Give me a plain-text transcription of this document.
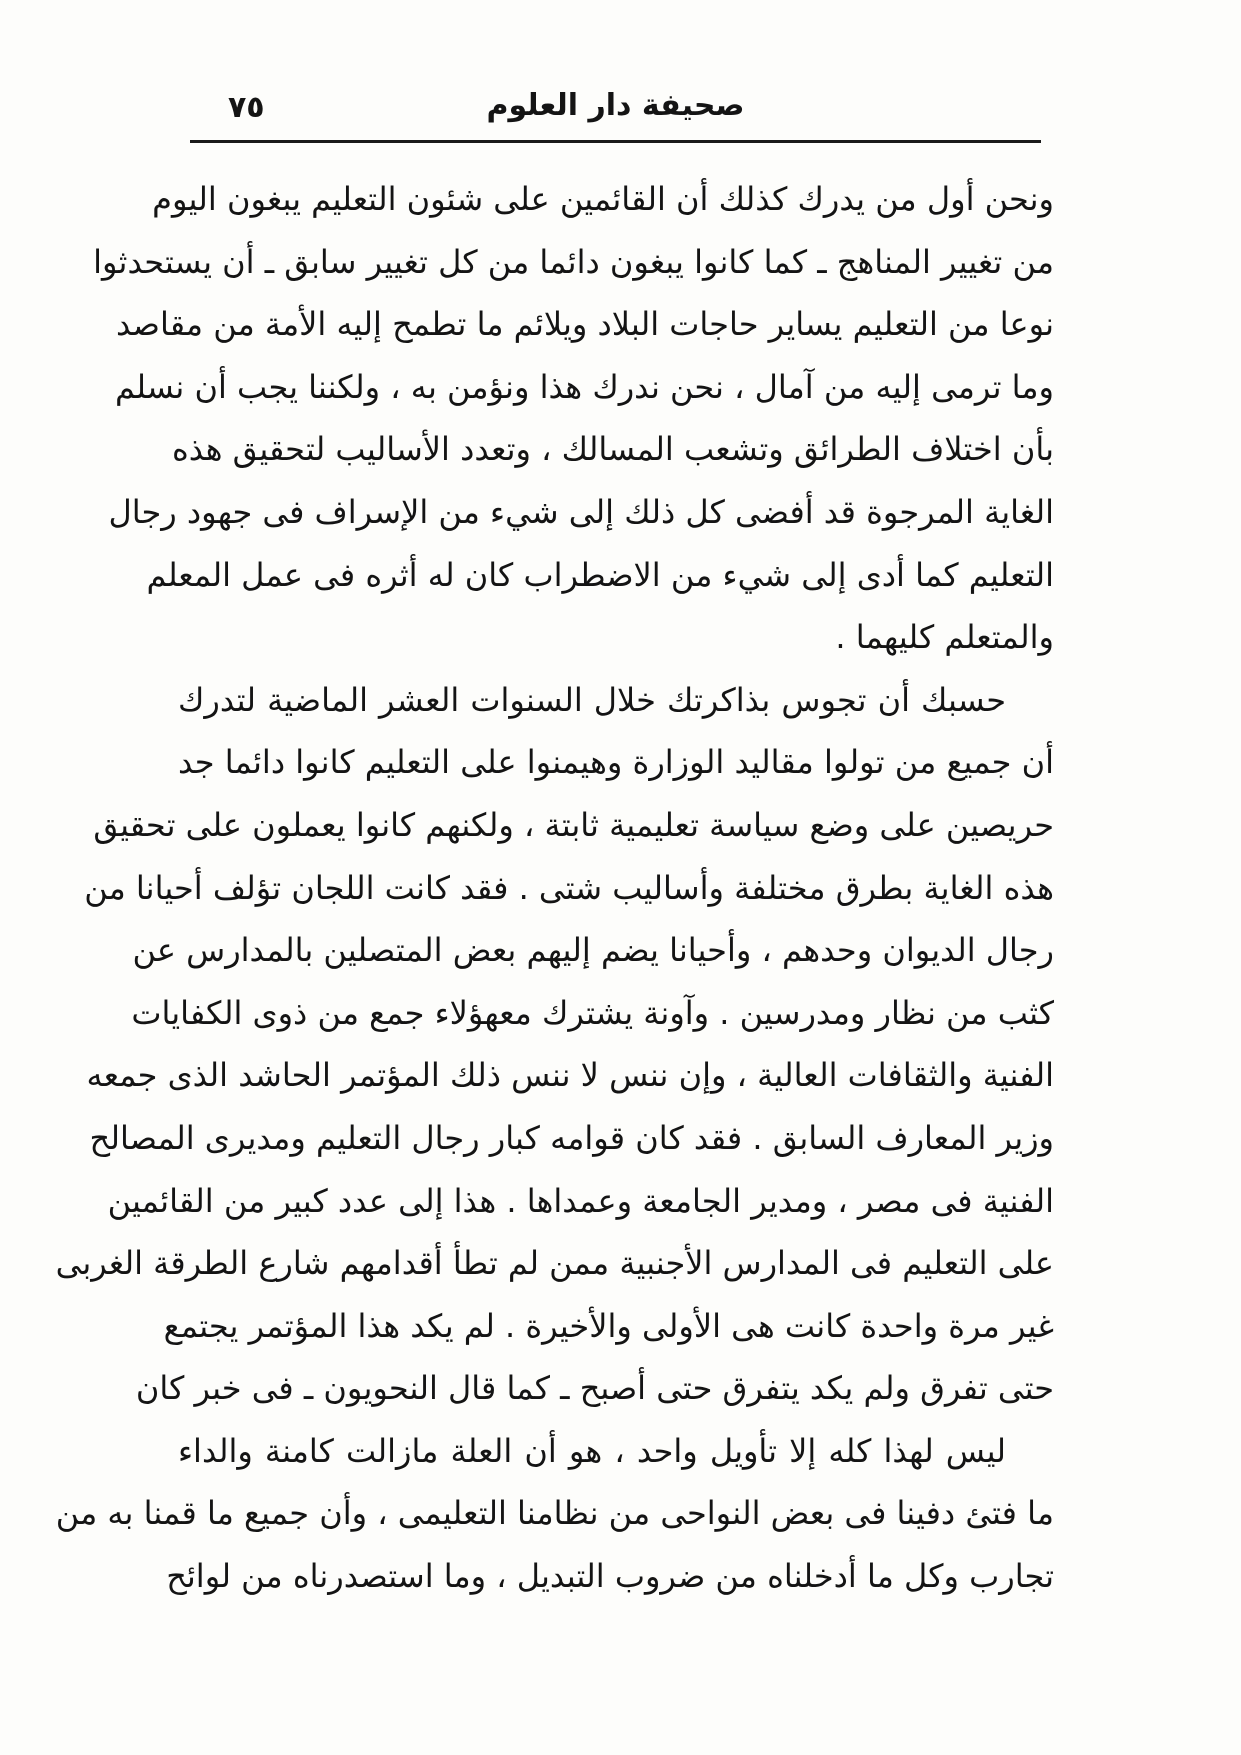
٧٥	صحيفة دار العلوم
ونحن أول من يدرك كذلك أن القائمين على شئون التعليم يبغون اليوم
من تغيير المناهج ـ كما كانوا يبغون دائما من كل تغيير سابق ـ أن يستحدثوا
نوعا من التعليم يساير حاجات البلاد ويلائم ما تطمح إليه الأمة من مقاصد
وما ترمى إليه من آمال ، نحن ندرك هذا ونؤمن به ، ولكننا يجب أن نسلم
بأن اختلاف الطرائق وتشعب المسالك ، وتعدد الأساليب لتحقيق هذه
الغاية المرجوة قد أفضى كل ذلك إلى شيء من الإسراف فى جهود رجال
التعليم كما أدى إلى شيء من الاضطراب كان له أثره فى عمل المعلم
والمتعلم كليهما .
حسبك أن تجوس بذاكرتك خلال السنوات العشر الماضية لتدرك
أن جميع من تولوا مقاليد الوزارة وهيمنوا على التعليم كانوا دائما جد
حريصين على وضع سياسة تعليمية ثابتة ، ولكنهم كانوا يعملون على تحقيق
هذه الغاية بطرق مختلفة وأساليب شتى . فقد كانت اللجان تؤلف أحيانا من
رجال الديوان وحدهم ، وأحيانا يضم إليهم بعض المتصلين بالمدارس عن
كثب من نظار ومدرسين . وآونة يشترك معهؤلاء جمع من ذوى الكفايات
الفنية والثقافات العالية ، وإن ننس لا ننس ذلك المؤتمر الحاشد الذى جمعه
وزير المعارف السابق . فقد كان قوامه كبار رجال التعليم ومديرى المصالح
الفنية فى مصر ، ومدير الجامعة وعمداها . هذا إلى عدد كبير من القائمين
على التعليم فى المدارس الأجنبية ممن لم تطأ أقدامهم شارع الطرقة الغربى
غير مرة واحدة كانت هى الأولى والأخيرة . لم يكد هذا المؤتمر يجتمع
حتى تفرق ولم يكد يتفرق حتى أصبح ـ كما قال النحويون ـ فى خبر كان
ليس لهذا كله إلا تأويل واحد ، هو أن العلة مازالت كامنة والداء
ما فتئ دفينا فى بعض النواحى من نظامنا التعليمى ، وأن جميع ما قمنا به من
تجارب وكل ما أدخلناه من ضروب التبديل ، وما استصدرناه من لوائح
